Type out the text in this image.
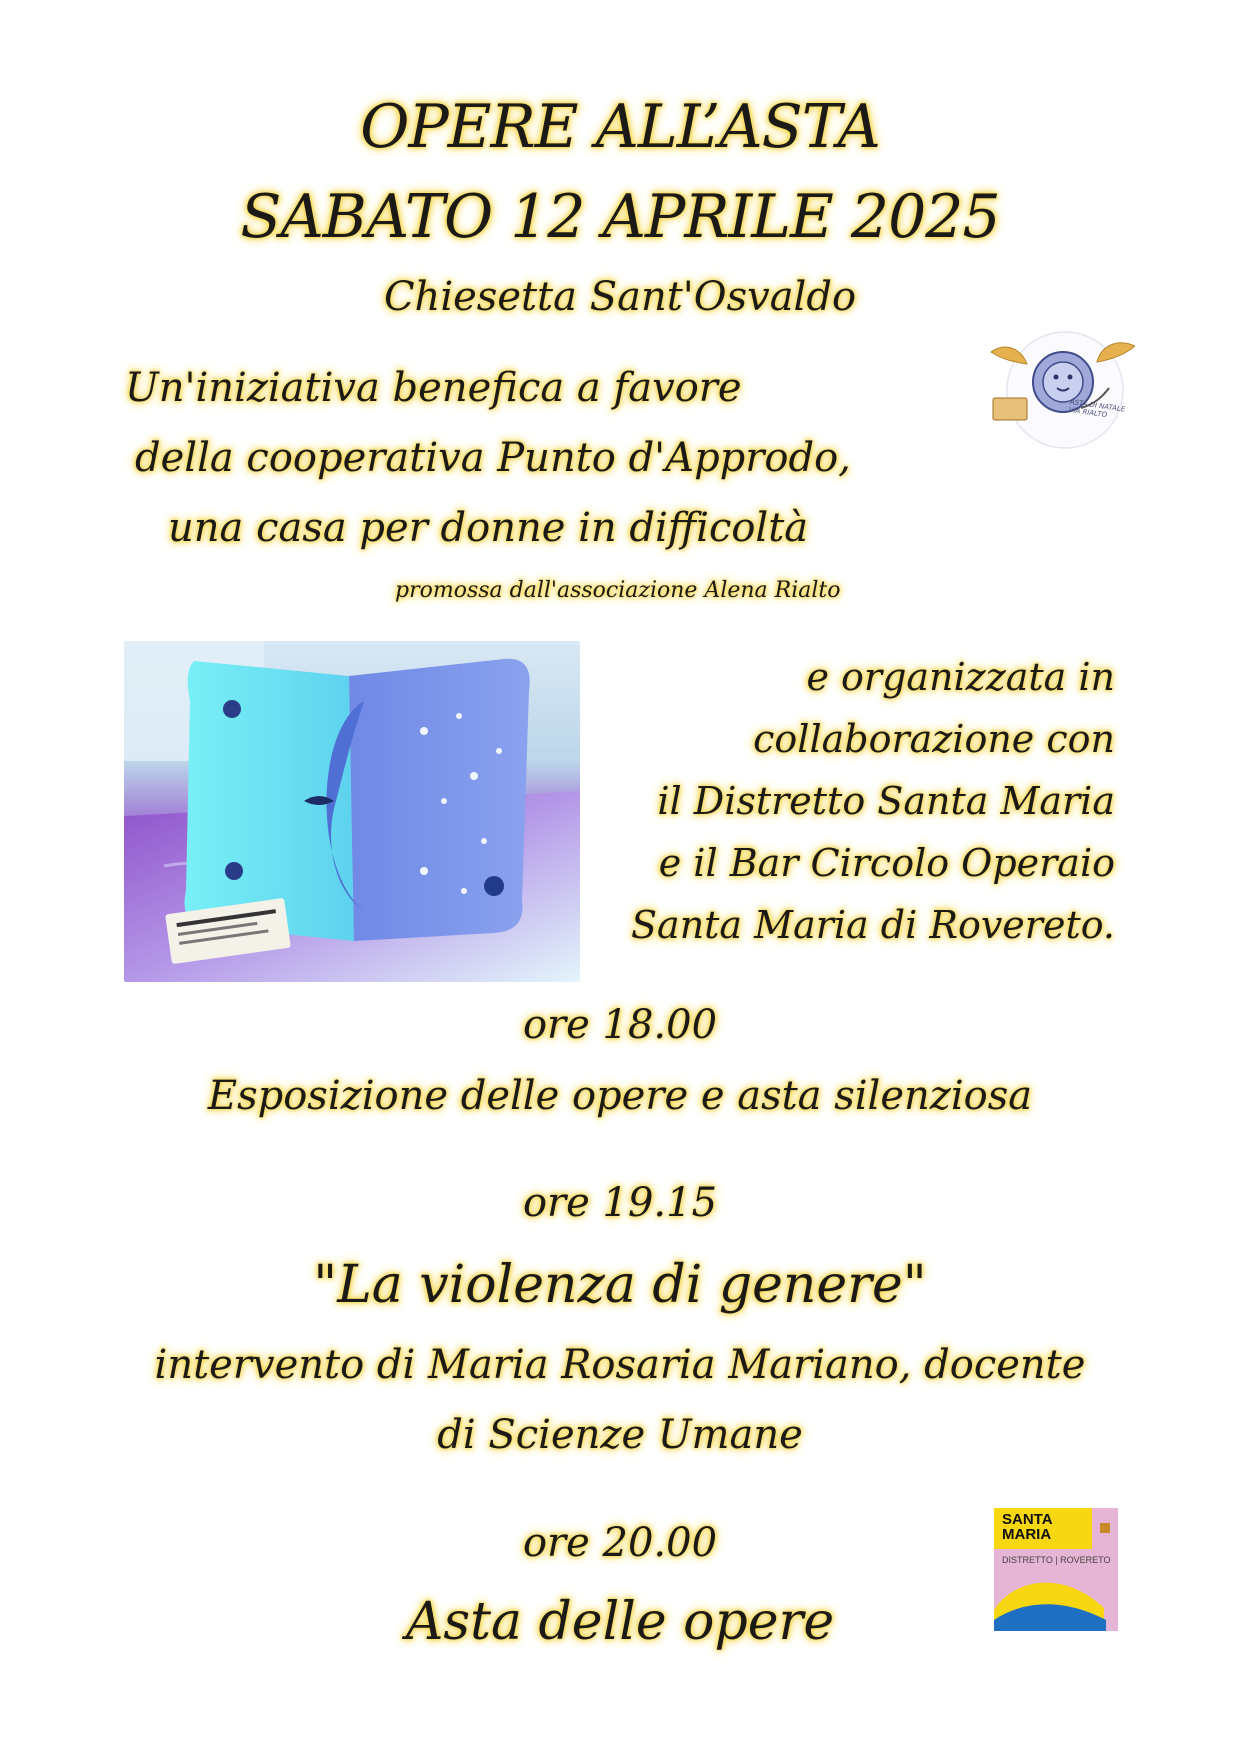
OPERE ALL’ASTA
SABATO 12 APRILE 2025
Chiesetta Sant'Osvaldo
Un'iniziativa benefica a favore
della cooperativa Punto d'Approdo,
una casa per donne in difficoltà
promossa dall'associazione Alena Rialto
ASTA DI NATALE VIA RIALTO
e organizzata in
collaborazione con
il Distretto Santa Maria
e il Bar Circolo Operaio
Santa Maria di Rovereto.
ore 18.00
Esposizione delle opere e asta silenziosa
ore 19.15
"La violenza di genere"
intervento di Maria Rosaria Mariano, docente
di Scienze Umane
ore 20.00
Asta delle opere
SANTA MARIA
DISTRETTO | ROVERETO
